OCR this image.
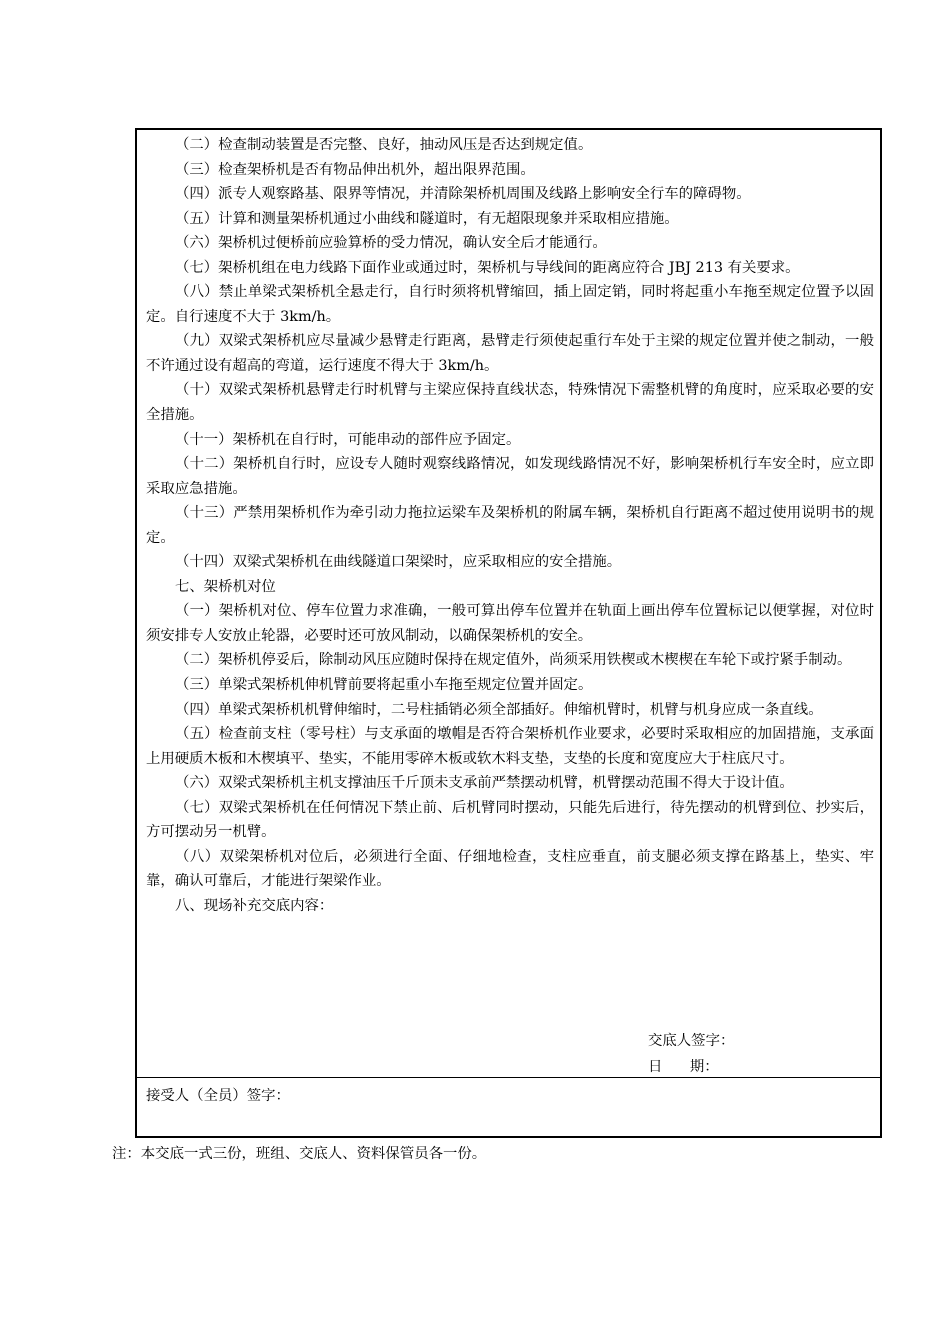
（二）检查制动装置是否完整、良好，抽动风压是否达到规定值。

（三）检查架桥机是否有物品伸出机外，超出限界范围。

（四）派专人观察路基、限界等情况，并清除架桥机周围及线路上影响安全行车的障碍物。

（五）计算和测量架桥机通过小曲线和隧道时，有无超限现象并采取相应措施。

（六）架桥机过便桥前应验算桥的受力情况，确认安全后才能通行。

（七）架桥机组在电力线路下面作业或通过时，架桥机与导线间的距离应符合 JBJ 213 有关要求。

（八）禁止单梁式架桥机全悬走行，自行时须将机臂缩回，插上固定销，同时将起重小车拖至规定位置予以固定。自行速度不大于 3km/h。

（九）双梁式架桥机应尽量减少悬臂走行距离，悬臂走行须使起重行车处于主梁的规定位置并使之制动，一般不许通过设有超高的弯道，运行速度不得大于 3km/h。

（十）双梁式架桥机悬臂走行时机臂与主梁应保持直线状态，特殊情况下需整机臂的角度时，应采取必要的安全措施。

（十一）架桥机在自行时，可能串动的部件应予固定。

（十二）架桥机自行时，应设专人随时观察线路情况，如发现线路情况不好，影响架桥机行车安全时，应立即采取应急措施。

（十三）严禁用架桥机作为牵引动力拖拉运梁车及架桥机的附属车辆，架桥机自行距离不超过使用说明书的规定。

（十四）双梁式架桥机在曲线隧道口架梁时，应采取相应的安全措施。

七、架桥机对位

（一）架桥机对位、停车位置力求准确，一般可算出停车位置并在轨面上画出停车位置标记以便掌握，对位时须安排专人安放止轮器，必要时还可放风制动，以确保架桥机的安全。

（二）架桥机停妥后，除制动风压应随时保持在规定值外，尚须采用铁楔或木楔楔在车轮下或拧紧手制动。

（三）单梁式架桥机伸机臂前要将起重小车拖至规定位置并固定。

（四）单梁式架桥机机臂伸缩时，二号柱插销必须全部插好。伸缩机臂时，机臂与机身应成一条直线。

（五）检查前支柱（零号柱）与支承面的墩帽是否符合架桥机作业要求，必要时采取相应的加固措施，支承面上用硬质木板和木楔填平、垫实，不能用零碎木板或软木料支垫，支垫的长度和宽度应大于柱底尺寸。

（六）双梁式架桥机主机支撑油压千斤顶未支承前严禁摆动机臂，机臂摆动范围不得大于设计值。

（七）双梁式架桥机在任何情况下禁止前、后机臂同时摆动，只能先后进行，待先摆动的机臂到位、抄实后，方可摆动另一机臂。

（八）双梁架桥机对位后，必须进行全面、仔细地检查，支柱应垂直，前支腿必须支撑在路基上，垫实、牢靠，确认可靠后，才能进行架梁作业。

八、现场补充交底内容：

交底人签字：
日      期：
接受人（全员）签字：
注：本交底一式三份，班组、交底人、资料保管员各一份。
